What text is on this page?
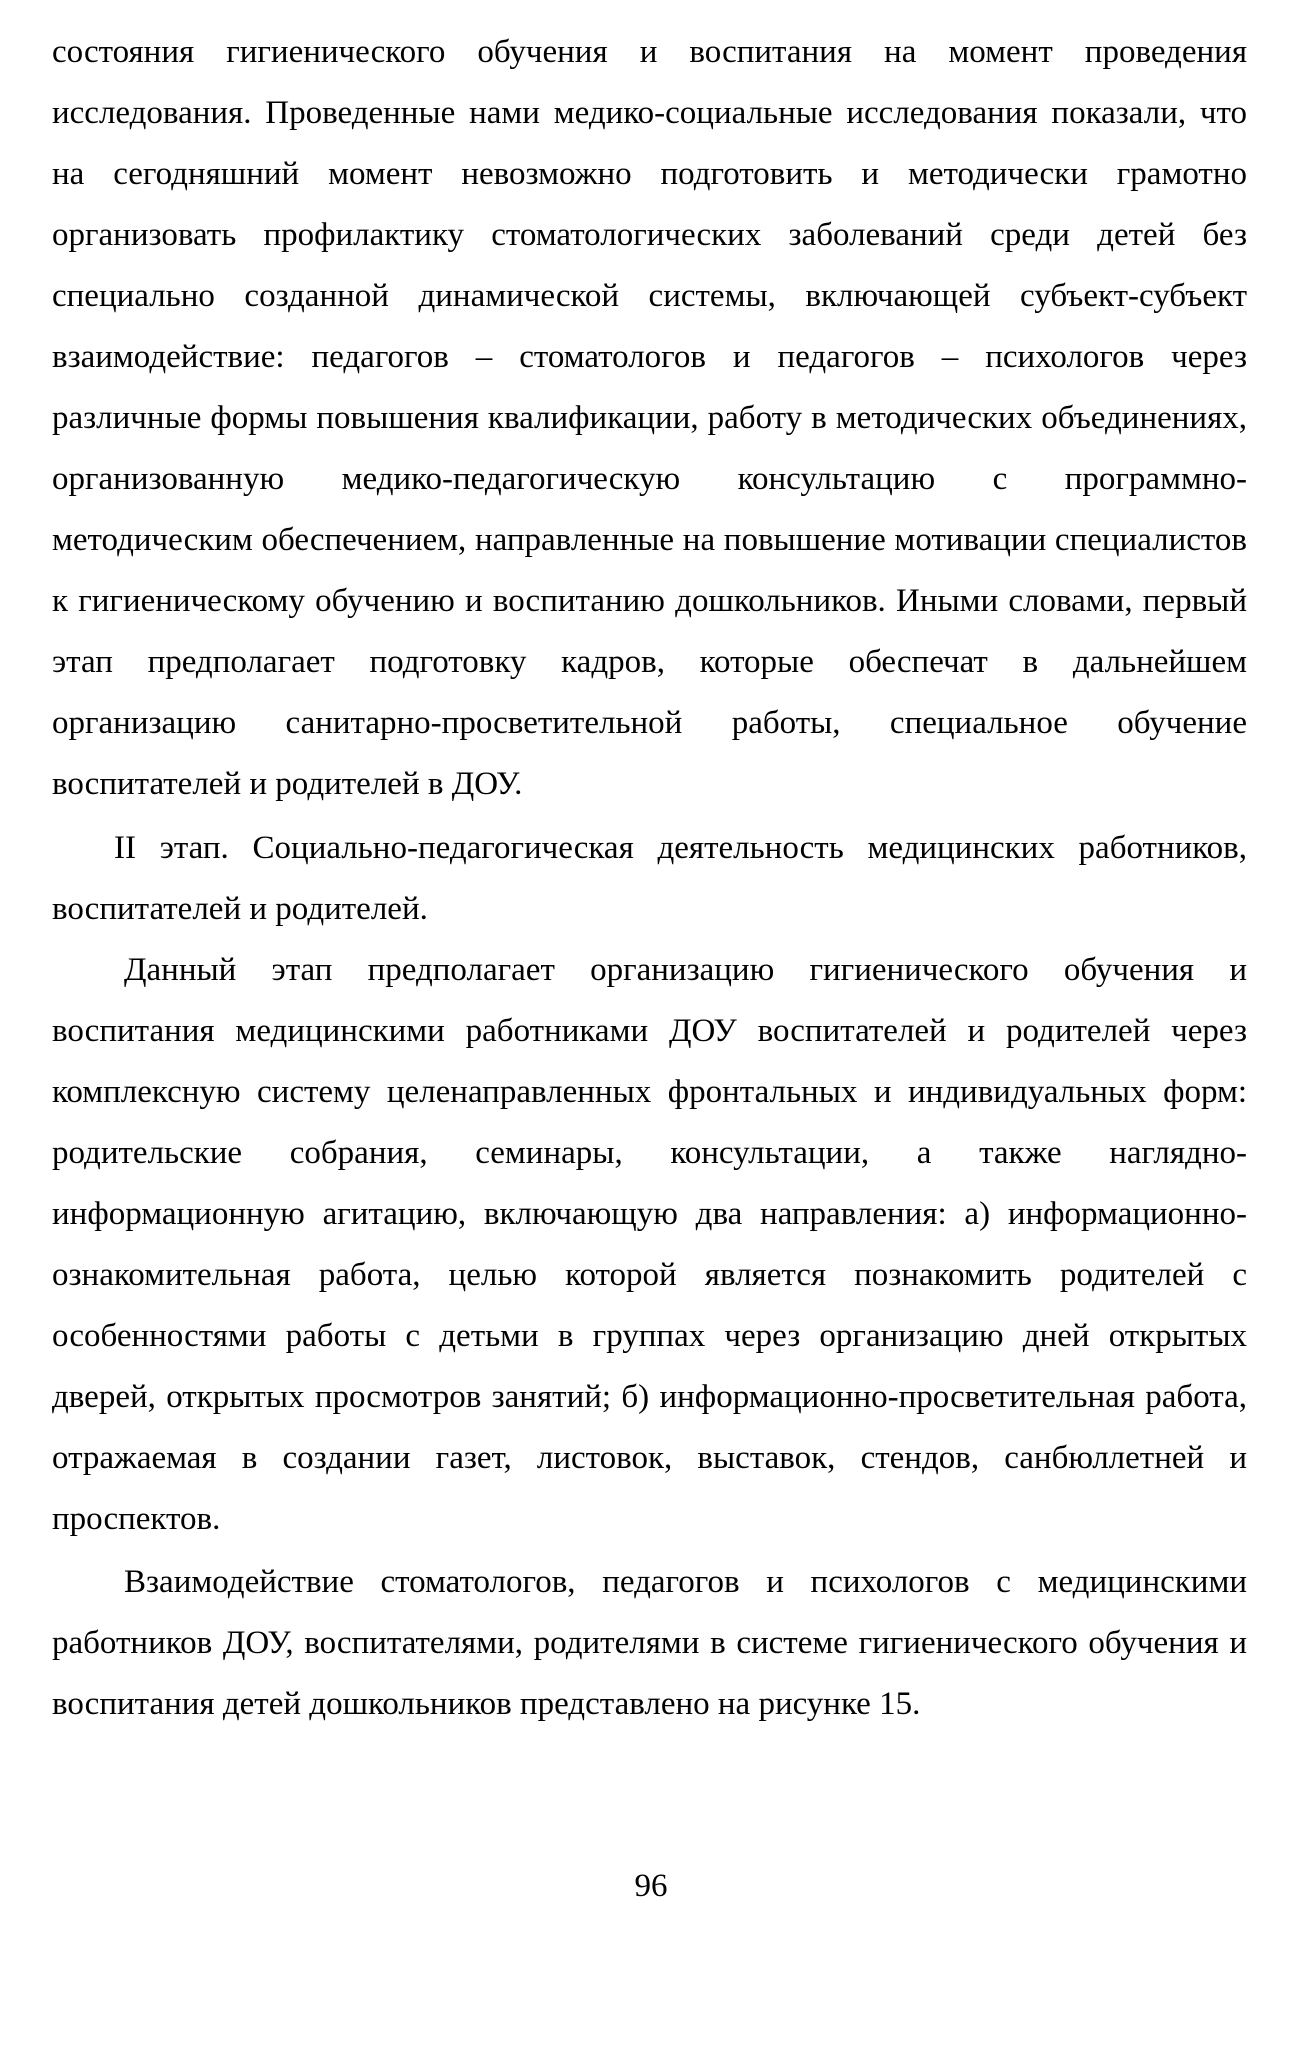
состояния гигиенического обучения и воспитания на момент проведения исследования. Проведенные нами медико-социальные исследования показали, что на сегодняшний момент невозможно подготовить и методически грамотно организовать профилактику стоматологических заболеваний среди детей без специально созданной динамической системы, включающей субъект-субъект взаимодействие: педагогов – стоматологов и педагогов – психологов через различные формы повышения квалификации, работу в методических объединениях, организованную медико-педагогическую консультацию с программно-методическим обеспечением, направленные на повышение мотивации специалистов к гигиеническому обучению и воспитанию дошкольников. Иными словами, первый этап предполагает подготовку кадров, которые обеспечат в дальнейшем организацию санитарно-просветительной работы, специальное обучение воспитателей и родителей в ДОУ.

II этап. Социально-педагогическая деятельность медицинских работников, воспитателей и родителей.

Данный этап предполагает организацию гигиенического обучения и воспитания медицинскими работниками ДОУ воспитателей и родителей через комплексную систему целенаправленных фронтальных и индивидуальных форм: родительские собрания, семинары, консультации, а также наглядно-информационную агитацию, включающую два направления: а) информационно-ознакомительная работа, целью которой является познакомить родителей с особенностями работы с детьми в группах через организацию дней открытых дверей, открытых просмотров занятий; б) информационно-просветительная работа, отражаемая в создании газет, листовок, выставок, стендов, санбюллетней и проспектов.

Взаимодействие стоматологов, педагогов и психологов с медицинскими работников ДОУ, воспитателями, родителями в системе гигиенического обучения и воспитания детей дошкольников представлено на рисунке 15.

96
